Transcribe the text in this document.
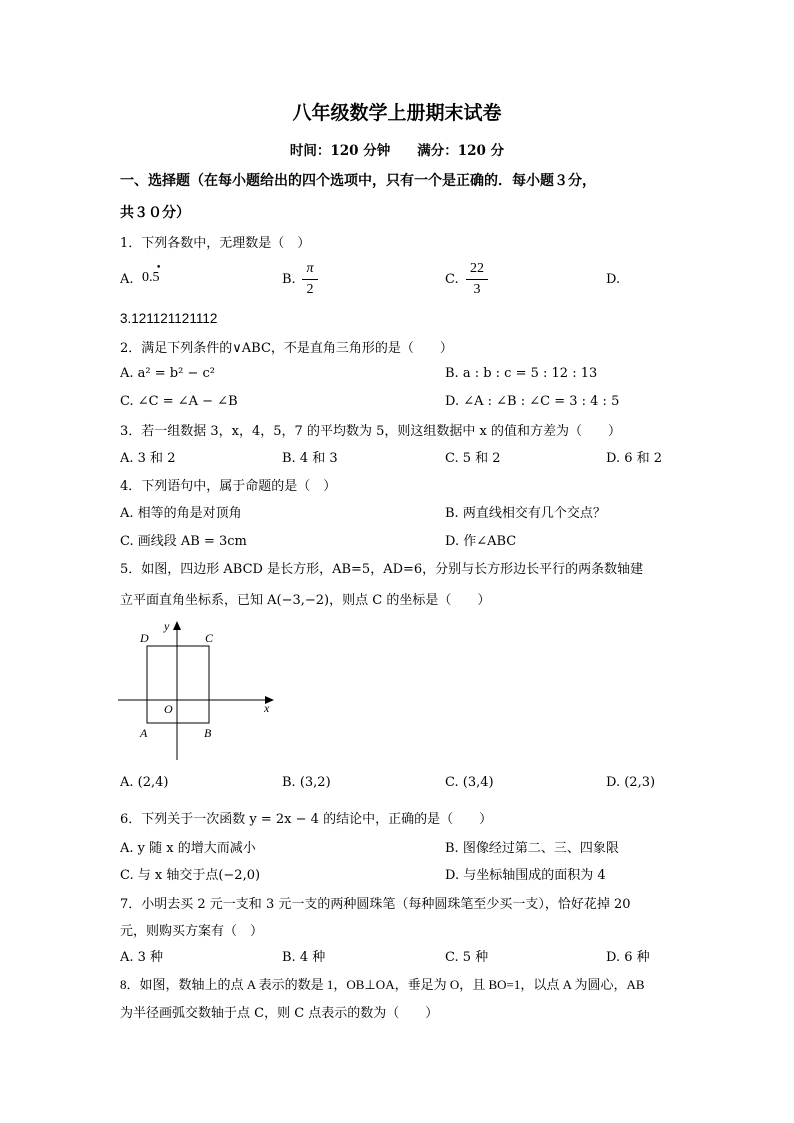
八年级数学上册期末试卷
时间：120 分钟　　满分：120 分
一、选择题（在每小题给出的四个选项中，只有一个是正确的．每小题３分，
共３０分）
1．下列各数中，无理数是（　）
A. 0.5
•
B.
π
2
C.
22
3
D.
3.121121121112
2．满足下列条件的∨ABC，不是直角三角形的是（　　）
A. a² = b² − c²	B. a : b : c = 5 : 12 : 13
C. ∠C = ∠A − ∠B	D. ∠A : ∠B : ∠C = 3 : 4 : 5
3．若一组数据 3，x，4，5，7 的平均数为 5，则这组数据中 x 的值和方差为（　　）
A. 3 和 2	B. 4 和 3	C. 5 和 2	D. 6 和 2
4．下列语句中，属于命题的是（　）
A. 相等的角是对顶角	B. 两直线相交有几个交点？
C. 画线段 AB = 3cm	D. 作∠ABC
5．如图，四边形 ABCD 是长方形，AB=5，AD=6，分别与长方形边长平行的两条数轴建
立平面直角坐标系，已知 A(−3,−2)，则点 C 的坐标是（　　）
D	C
y
O	x
A	B
A. (2,4)	B. (3,2)	C. (3,4)	D. (2,3)
6．下列关于一次函数 y = 2x − 4 的结论中，正确的是（　　）
A. y 随 x 的增大而减小	B. 图像经过第二、三、四象限
C. 与 x 轴交于点(−2,0)	D. 与坐标轴围成的面积为 4
7．小明去买 2 元一支和 3 元一支的两种圆珠笔（每种圆珠笔至少买一支），恰好花掉 20
元，则购买方案有（　）
A. 3 种	B. 4 种	C. 5 种	D. 6 种
8．如图，数轴上的点 A 表示的数是 1，OB⊥OA，垂足为 O，且 BO=1，以点 A 为圆心，AB
为半径画弧交数轴于点 C，则 C 点表示的数为（　　）
